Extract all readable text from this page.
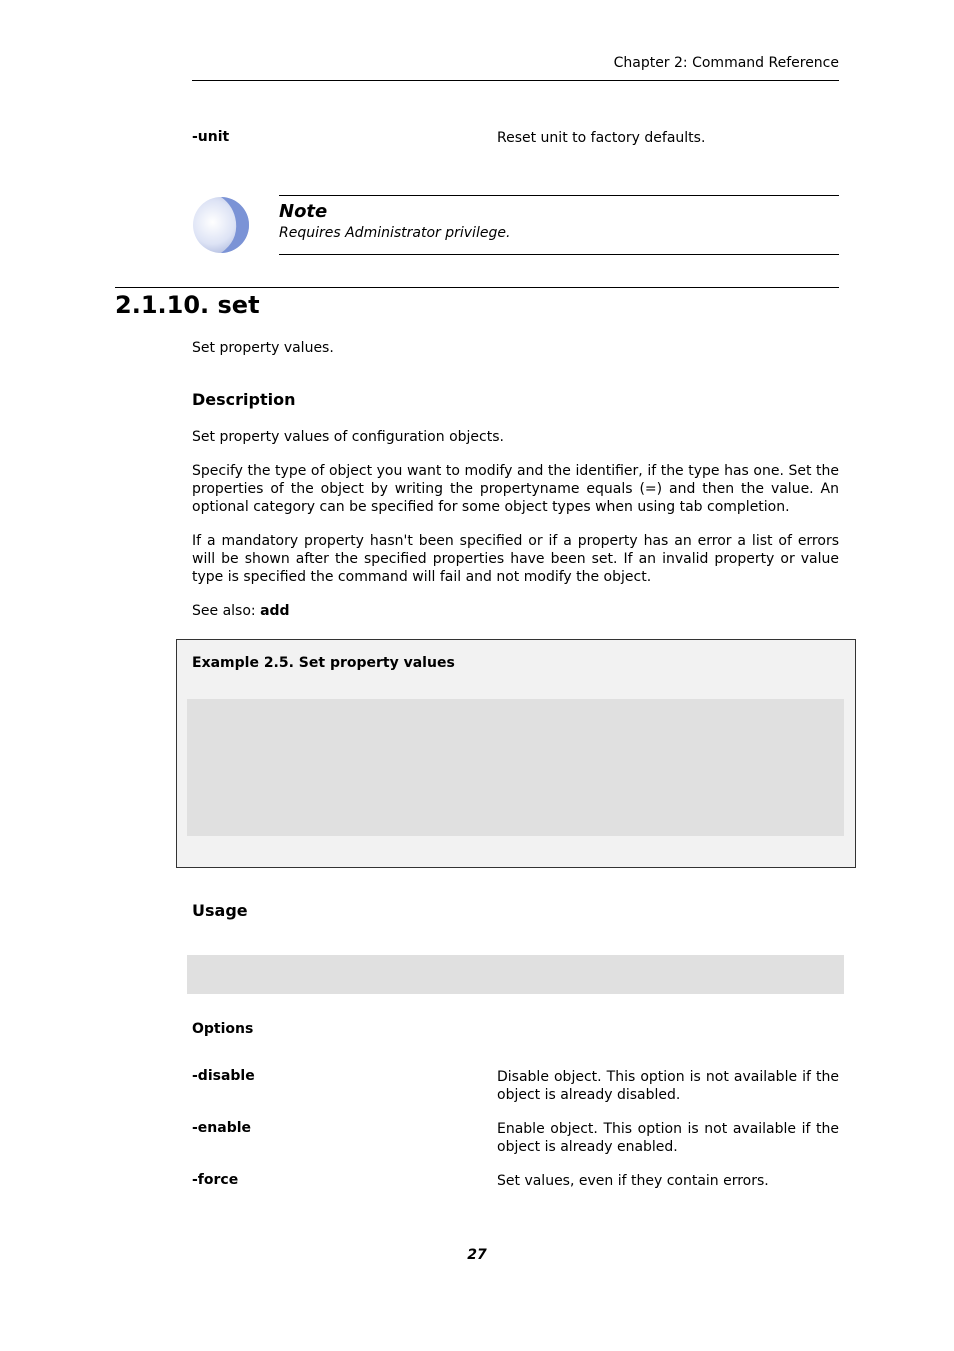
Chapter 2: Command Reference
-unit	Reset unit to factory defaults.
Note
Requires Administrator privilege.
2.1.10. set
Set property values.
Description
Set property values of configuration objects.
Specify the type of object you want to modify and the identifier, if the type has one. Set the properties of the object by writing the propertyname equals (=) and then the value. An optional category can be specified for some object types when using tab completion.
If a mandatory property hasn't been specified or if a property has an error a list of errors will be shown after the specified properties have been set. If an invalid property or value type is specified the command will fail and not modify the object.
See also: add
Example 2.5. Set property values
Usage
Options
-disable	Disable object. This option is not available if the object is already disabled.
-enable	Enable object. This option is not available if the object is already enabled.
-force	Set values, even if they contain errors.
27
